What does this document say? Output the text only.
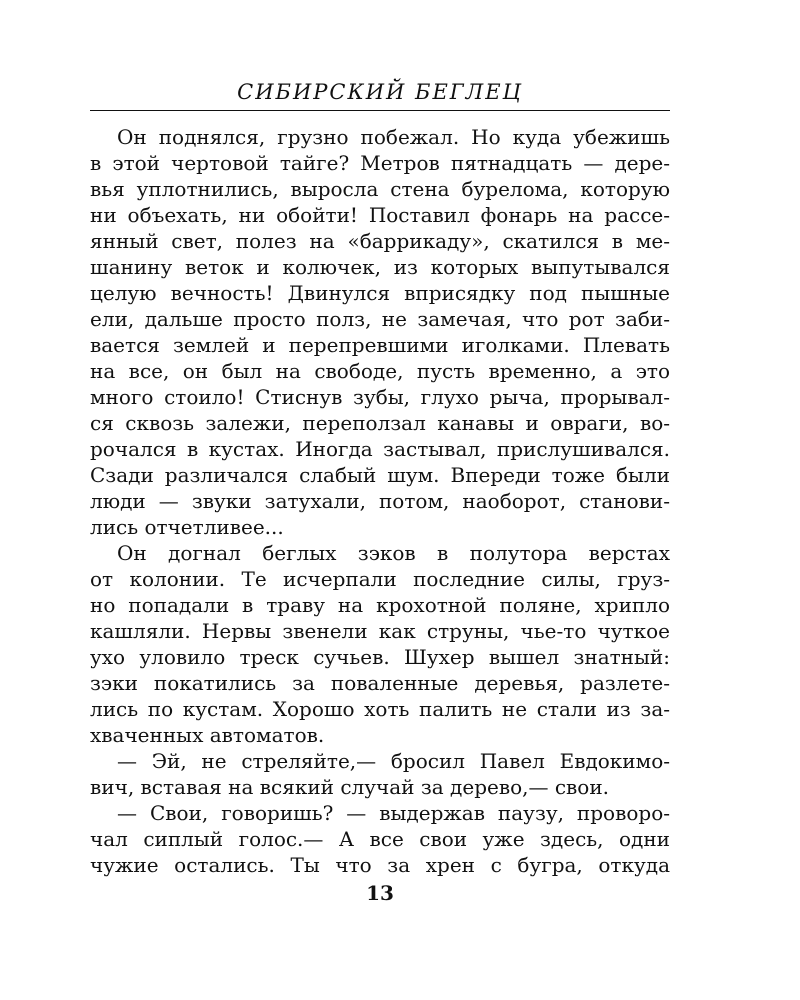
СИБИРСКИЙ БЕГЛЕЦ
Он поднялся, грузно побежал. Но куда убежишь
в этой чертовой тайге? Метров пятнадцать — дере-
вья уплотнились, выросла стена бурелома, которую
ни объехать, ни обойти! Поставил фонарь на рассе-
янный свет, полез на «баррикаду», скатился в ме-
шанину веток и колючек, из которых выпутывался
целую вечность! Двинулся вприсядку под пышные
ели, дальше просто полз, не замечая, что рот заби-
вается землей и перепревшими иголками. Плевать
на все, он был на свободе, пусть временно, а это
много стоило! Стиснув зубы, глухо рыча, прорывал-
ся сквозь залежи, переползал канавы и овраги, во-
рочался в кустах. Иногда застывал, прислушивался.
Сзади различался слабый шум. Впереди тоже были
люди — звуки затухали, потом, наоборот, станови-
лись отчетливее...
Он догнал беглых зэков в полутора верстах
от колонии. Те исчерпали последние силы, груз-
но попадали в траву на крохотной поляне, хрипло
кашляли. Нервы звенели как струны, чье-то чуткое
ухо уловило треск сучьев. Шухер вышел знатный:
зэки покатились за поваленные деревья, разлете-
лись по кустам. Хорошо хоть палить не стали из за-
хваченных автоматов.
— Эй, не стреляйте,— бросил Павел Евдокимо-
вич, вставая на всякий случай за дерево,— свои.
— Свои, говоришь? — выдержав паузу, проворо-
чал сиплый голос.— А все свои уже здесь, одни
чужие остались. Ты что за хрен с бугра, откуда
13
